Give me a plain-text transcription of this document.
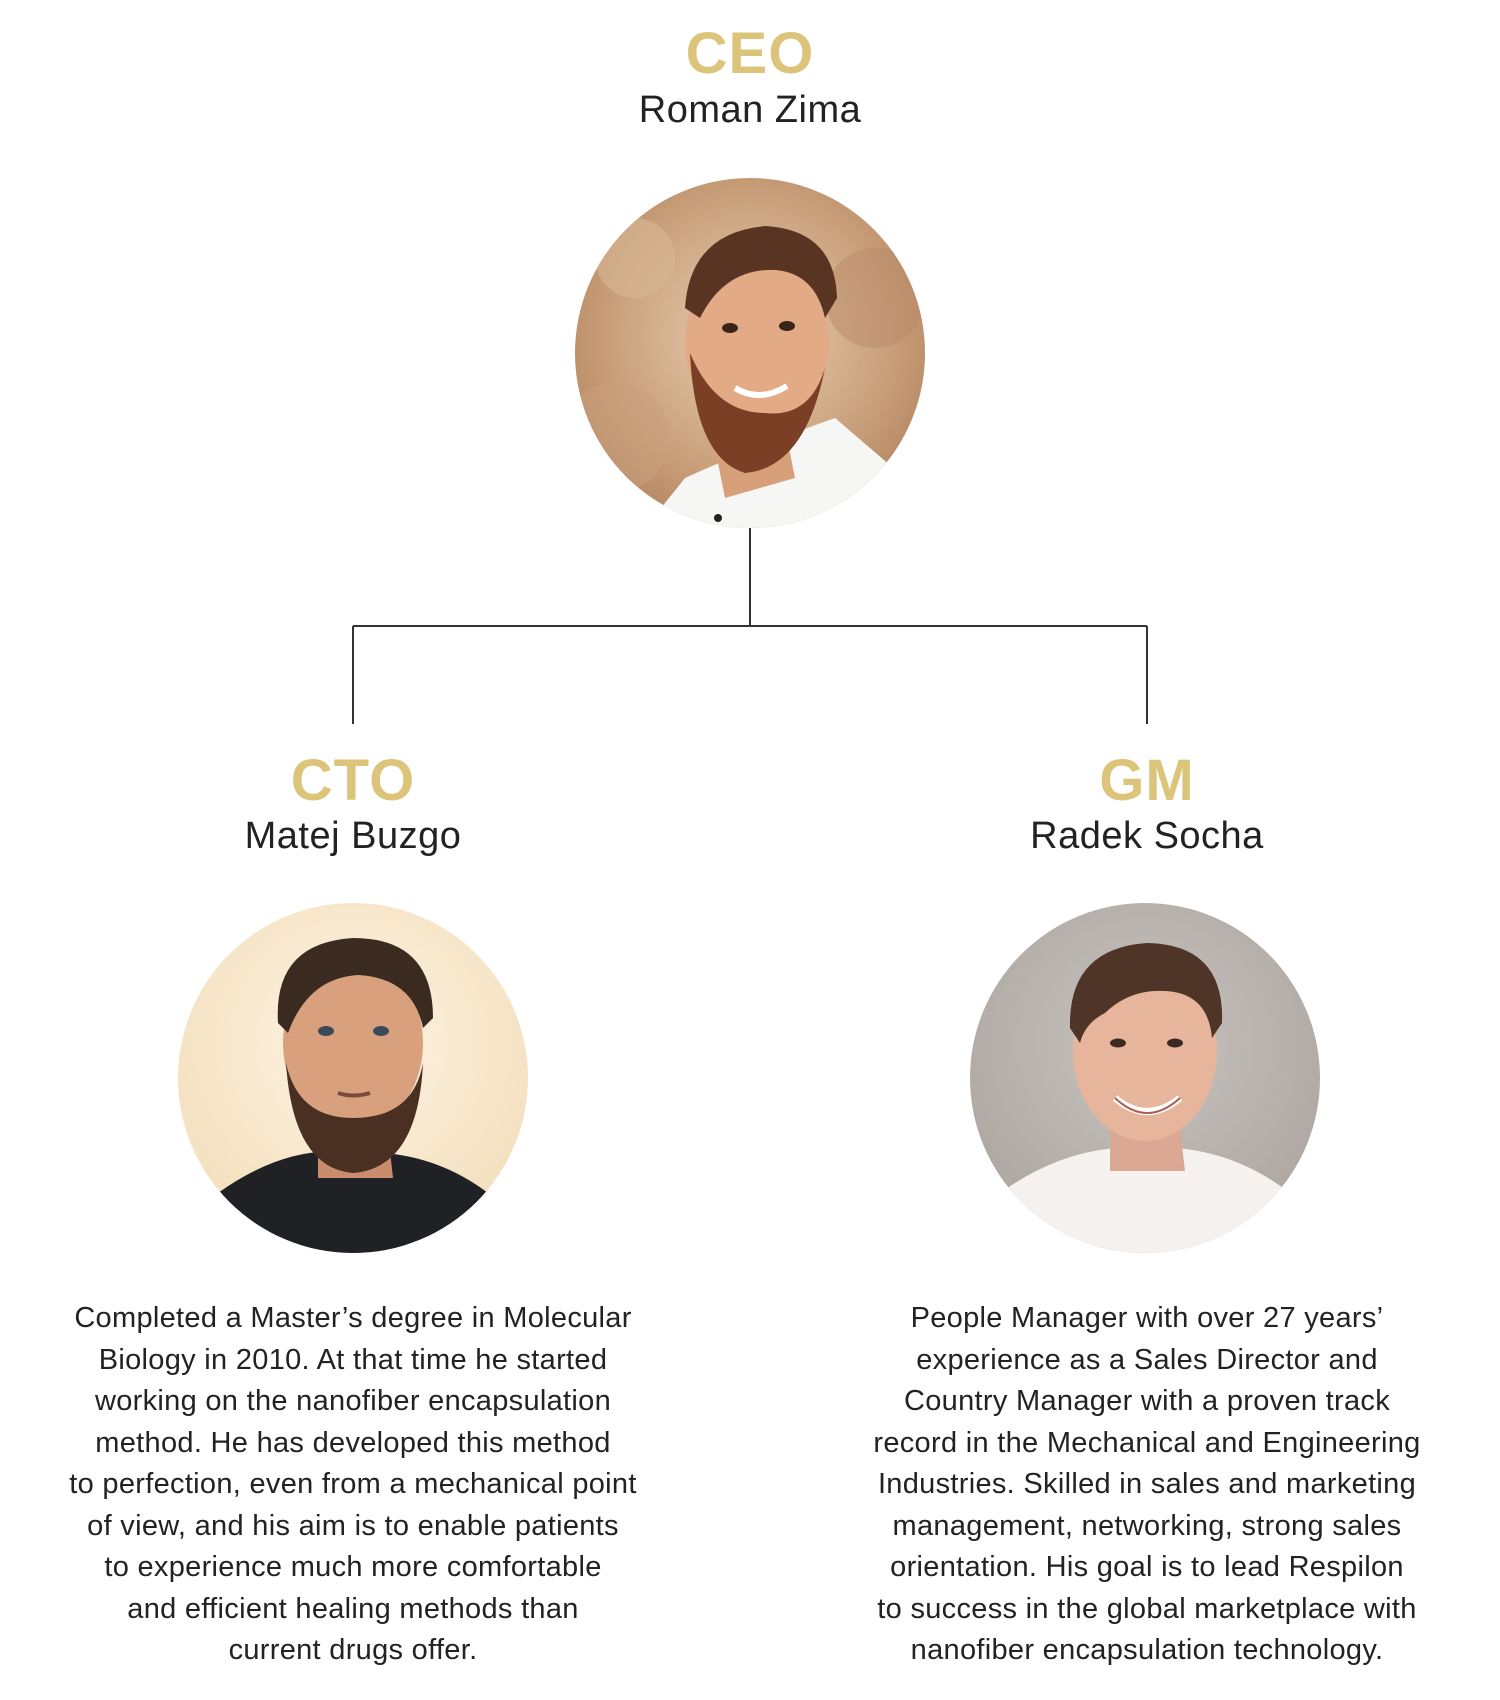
CEO
Roman Zima
CTO
Matej Buzgo
Completed a Master’s degree in Molecular
Biology in 2010. At that time he started
working on the nanofiber encapsulation
method. He has developed this method
to perfection, even from a mechanical point
of view, and his aim is to enable patients
to experience much more comfortable
and efficient healing methods than
current drugs offer.
GM
Radek Socha
People Manager with over 27 years’
experience as a Sales Director and
Country Manager with a proven track
record in the Mechanical and Engineering
Industries. Skilled in sales and marketing
management, networking, strong sales
orientation. His goal is to lead Respilon
to success in the global marketplace with
nanofiber encapsulation technology.
